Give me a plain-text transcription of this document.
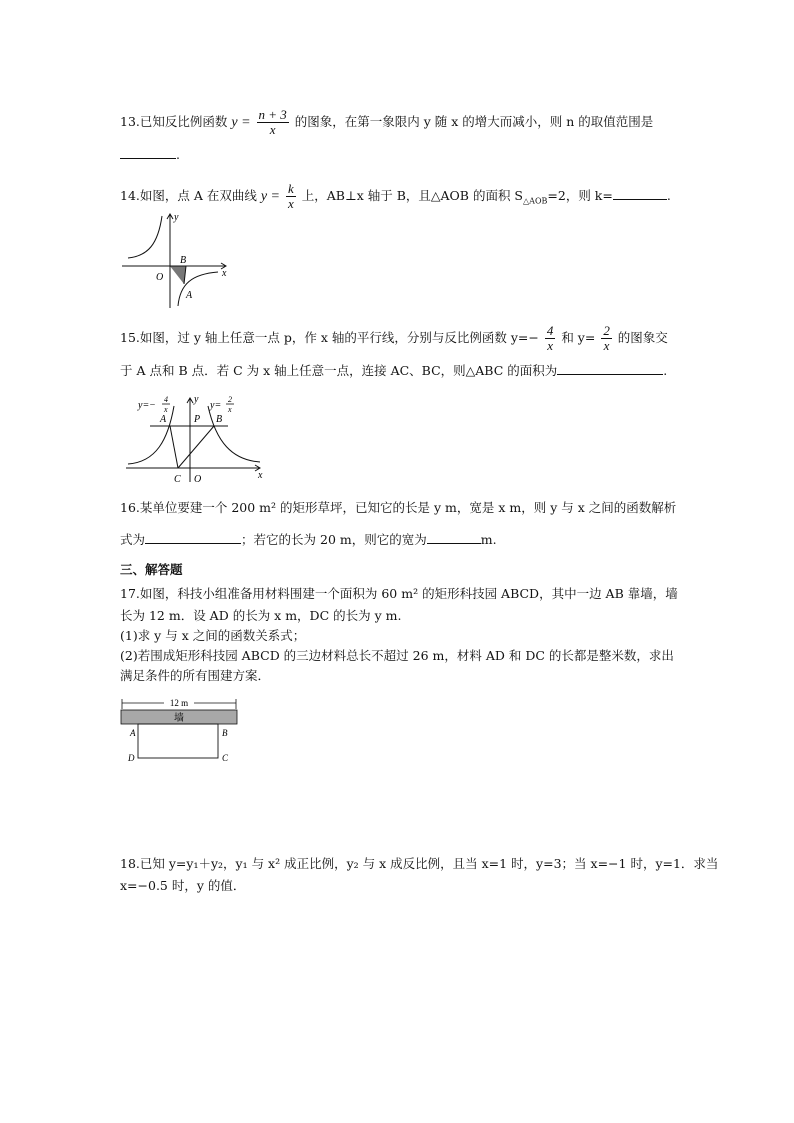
13.已知反比例函数 $y = \frac{n + 3}{x}$ 的图象，在第一象限内 y 随 x 的增大而减小，则 n 的取值范围是
.
14.如图，点 A 在双曲线 $y = \frac{k}{x}$ 上，AB⊥x 轴于 B，且△AOB 的面积 $S_{\triangle AOB}=2$，则 k=	.
y
x
O
B
A
15.如图，过 y 轴上任意一点 p，作 x 轴的平行线，分别与反比例函数 $y=- \frac{4}{x}$ 和 $y= \frac{2}{x}$ 的图象交
于 A 点和 B 点．若 C 为 x 轴上任意一点，连接 AC、BC，则△ABC 的面积为	.
y=−
4
x	y=
2
x
y
x
A	P B
C O
16.某单位要建一个 200 m² 的矩形草坪，已知它的长是 y m，宽是 x m，则 y 与 x 之间的函数解析
式为	；若它的长为 20 m，则它的宽为	m.
三、解答题
17.如图，科技小组准备用材料围建一个面积为 60 m² 的矩形科技园 ABCD，其中一边 AB 靠墙，墙
长为 12 m．设 AD 的长为 x m，DC 的长为 y m.
(1)求 y 与 x 之间的函数关系式；
(2)若围成矩形科技园 ABCD 的三边材料总长不超过 26 m，材料 AD 和 DC 的长都是整米数，求出
满足条件的所有围建方案．
12 m
墙
A	B
D	C
18.已知 y=y₁＋y₂，y₁ 与 x² 成正比例，y₂ 与 x 成反比例，且当 x=1 时，y=3；当 x=−1 时，y=1．求当
x=−0.5 时，y 的值．
